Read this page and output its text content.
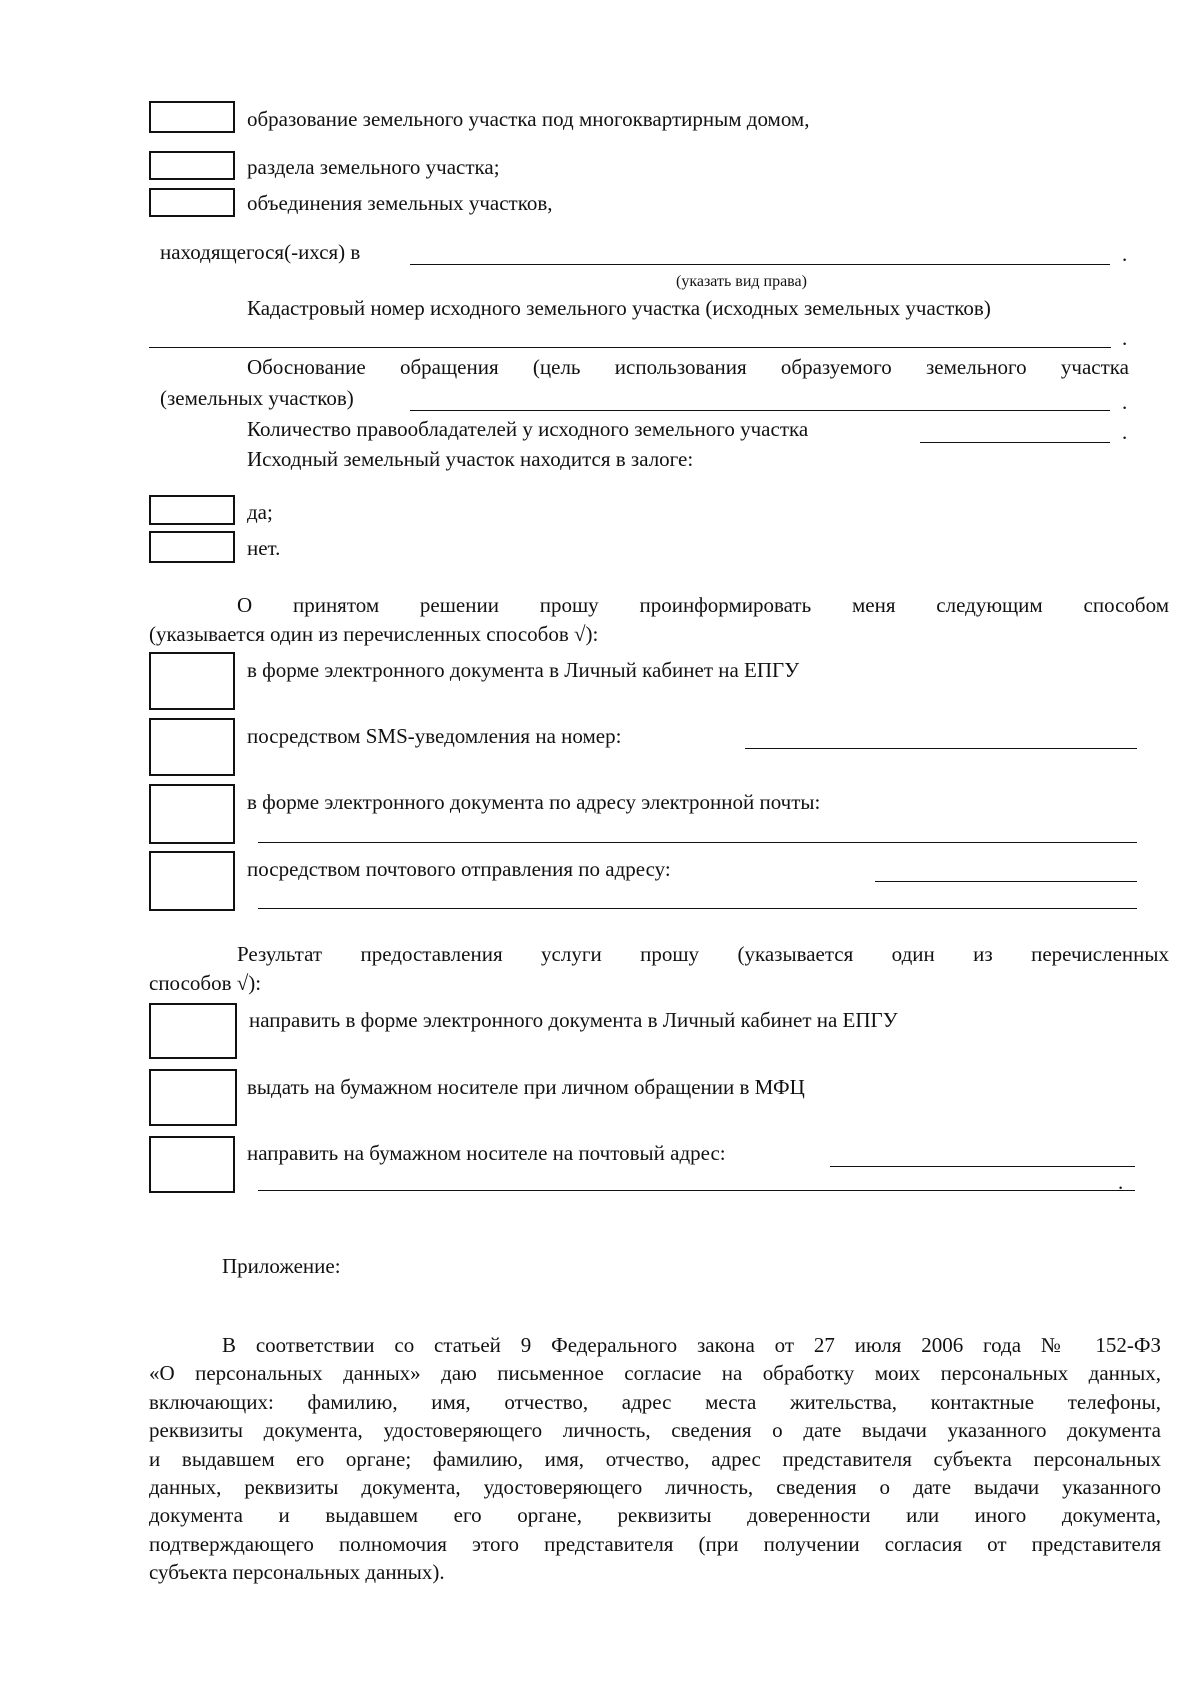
образование земельного участка под многоквартирным домом,
раздела земельного участка;
объединения земельных участков,
находящегося(-ихся) в	.
(указать вид права)
Кадастровый номер исходного земельного участка (исходных земельных участков)
.
Обоснование обращения (цель использования образуемого земельного участка
(земельных участков)	.
Количество правообладателей у исходного земельного участка	.
Исходный земельный участок находится в залоге:
да;
нет.
О принятом решении прошу проинформировать меня следующим способом
(указывается один из перечисленных способов √):
в форме электронного документа в Личный кабинет на ЕПГУ
посредством SMS-уведомления на номер:
в форме электронного документа по адресу электронной почты:
посредством почтового отправления по адресу:
Результат предоставления услуги прошу (указывается один из перечисленных
способов √):
направить в форме электронного документа в Личный кабинет на ЕПГУ
выдать на бумажном носителе при личном обращении в МФЦ
направить на бумажном носителе на почтовый адрес:
.
Приложение:
В соответствии со статьей 9 Федерального закона от 27 июля 2006 года № 152-ФЗ
«О персональных данных» даю письменное согласие на обработку моих персональных данных,
включающих: фамилию, имя, отчество, адрес места жительства, контактные телефоны,
реквизиты документа, удостоверяющего личность, сведения о дате выдачи указанного документа
и выдавшем его органе; фамилию, имя, отчество, адрес представителя субъекта персональных
данных, реквизиты документа, удостоверяющего личность, сведения о дате выдачи указанного
документа и выдавшем его органе, реквизиты доверенности или иного документа,
подтверждающего полномочия этого представителя (при получении согласия от представителя
субъекта персональных данных).
